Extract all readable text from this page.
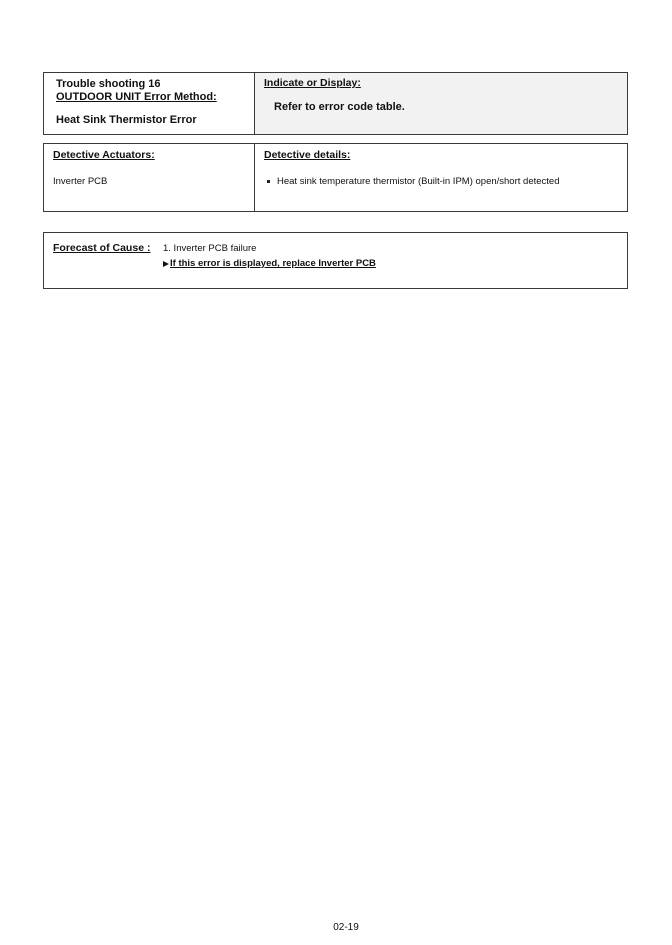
Trouble shooting 16
OUTDOOR UNIT Error Method:
Heat Sink Thermistor Error
Indicate or Display:
Refer to error code table.
Detective Actuators:
Inverter PCB
Detective details:
Heat sink temperature thermistor (Built-in IPM) open/short detected
Forecast of Cause :	1. Inverter PCB failure
If this error is displayed, replace Inverter PCB
02-19
